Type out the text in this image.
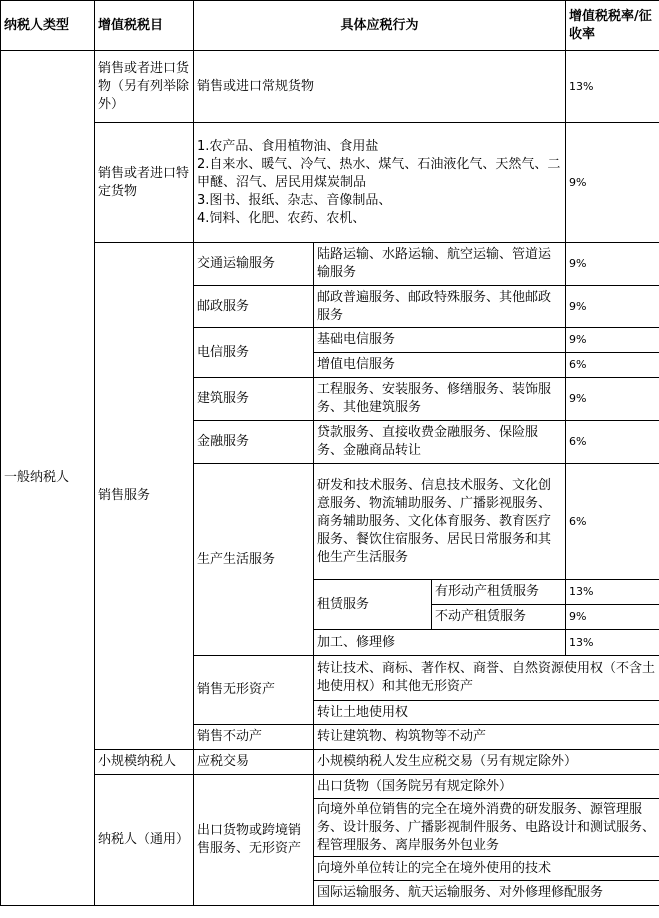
纳税人类型	增值税税目	具体应税行为			增值税税率/征收率	
一般纳税人	销售或者进口货物（另有列举除外）	销售或进口常规货物			13%	
	销售或者进口特定货物	1.农产品、食用植物油、食用盐
2.自来水、暖气、冷气、热水、煤气、石油液化气、天然气、二甲醚、沼气、居民用煤炭制品
3.图书、报纸、杂志、音像制品、
4.饲料、化肥、农药、农机、			9%	
	销售服务	交通运输服务	陆路运输、水路运输、航空运输、管道运输服务		9%	
		邮政服务	邮政普遍服务、邮政特殊服务、其他邮政服务		9%	
		电信服务	基础电信服务		9%	
			增值电信服务		6%	
		建筑服务	工程服务、安装服务、修缮服务、装饰服务、其他建筑服务		9%	
		金融服务	贷款服务、直接收费金融服务、保险服务、金融商品转让		6%	
		生产生活服务	研发和技术服务、信息技术服务、文化创意服务、物流辅助服务、广播影视服务、商务辅助服务、文化体育服务、教育医疗服务、餐饮住宿服务、居民日常服务和其他生产生活服务		6%	
			租赁服务	有形动产租赁服务	13%	
				不动产租赁服务	9%	
			加工、修理修		13%	
		销售无形资产	转让技术、商标、著作权、商誉、自然资源使用权（不含土地使用权）和其他无形资产	
			转让土地使用权	
		销售不动产	转让建筑物、构筑物等不动产	
	小规模纳税人	应税交易	小规模纳税人发生应税交易（另有规定除外）	
	纳税人（通用）	出口货物或跨境销售服务、无形资产	出口货物（国务院另有规定除外）	
			向境外单位销售的完全在境外消费的研发服务、源管理服务、设计服务、广播影视制件服务、电路设计和测试服务、程管理服务、离岸服务外包业务			
			向境外单位转让的完全在境外使用的技术			
			国际运输服务、航天运输服务、对外修理修配服务			
